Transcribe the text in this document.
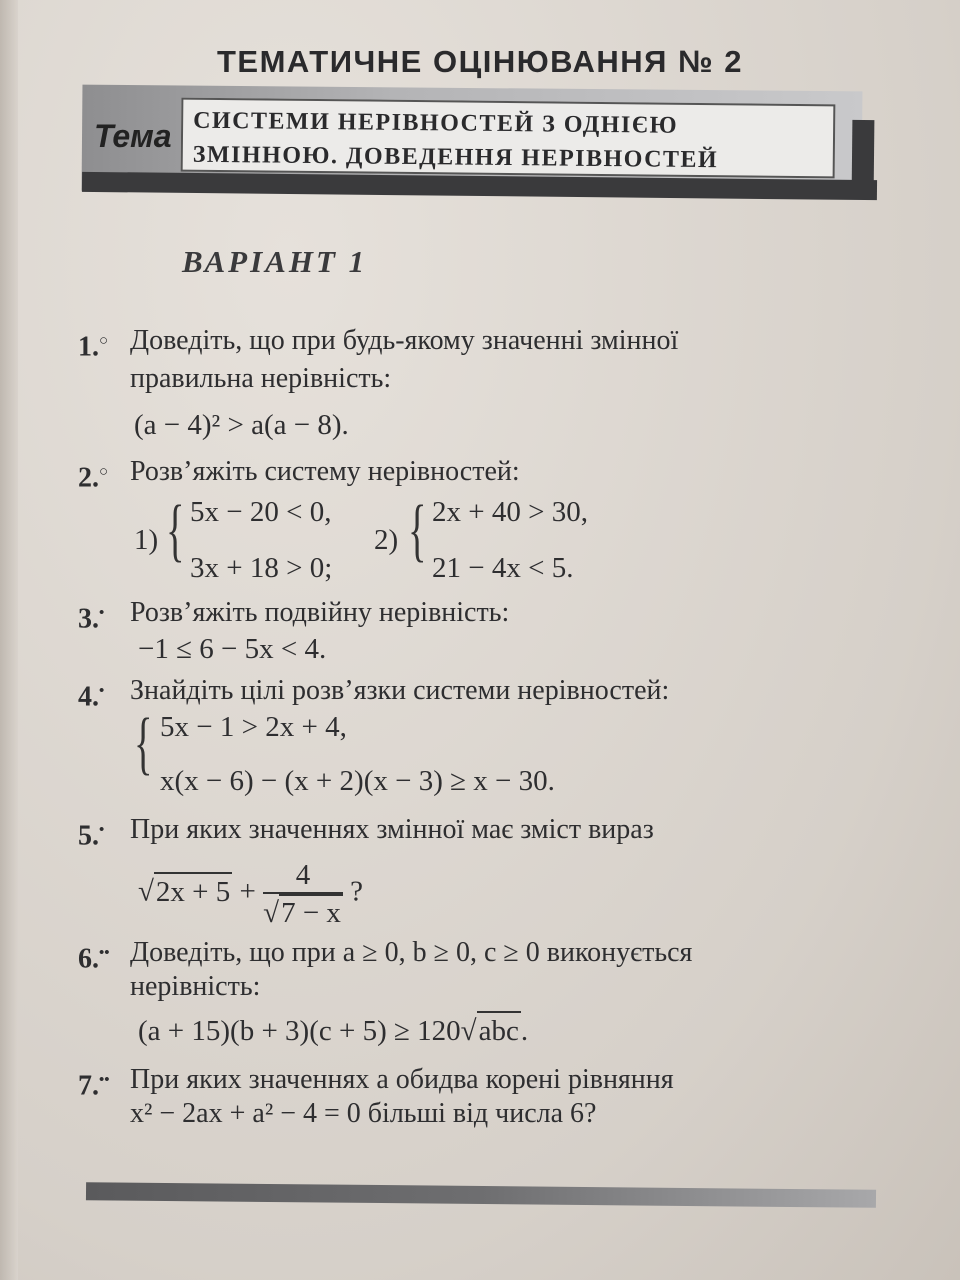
ТЕМАТИЧНЕ ОЦІНЮВАННЯ № 2
Тема СИСТЕМИ НЕРІВНОСТЕЙ З ОДНІЄЮ
ЗМІННОЮ. ДОВЕДЕННЯ НЕРІВНОСТЕЙ
ВАРІАНТ 1
1.○ Доведіть, що при будь-якому значенні змінної
правильна нерівність:
(a − 4)² > a(a − 8).
2.○ Розв’яжіть систему нерівностей:
1) { 5x − 20 < 0,
3x + 18 > 0;
2) { 2x + 40 > 30,
21 − 4x < 5.
3.• Розв’яжіть подвійну нерівність:
−1 ≤ 6 − 5x < 4.
4.• Знайдіть цілі розв’язки системи нерівностей:
{ 5x − 1 > 2x + 4,
x(x − 6) − (x + 2)(x − 3) ≥ x − 30.
5.• При яких значеннях змінної має зміст вираз
$√2x + 5 + \frac{4}{√7 - x}$ ?
6.•• Доведіть, що при a ≥ 0, b ≥ 0, c ≥ 0 виконується
нерівність:
(a + 15)(b + 3)(c + 5) ≥ 120√abc.
7.•• При яких значеннях a обидва корені рівняння
x² − 2ax + a² − 4 = 0 більші від числа 6?
